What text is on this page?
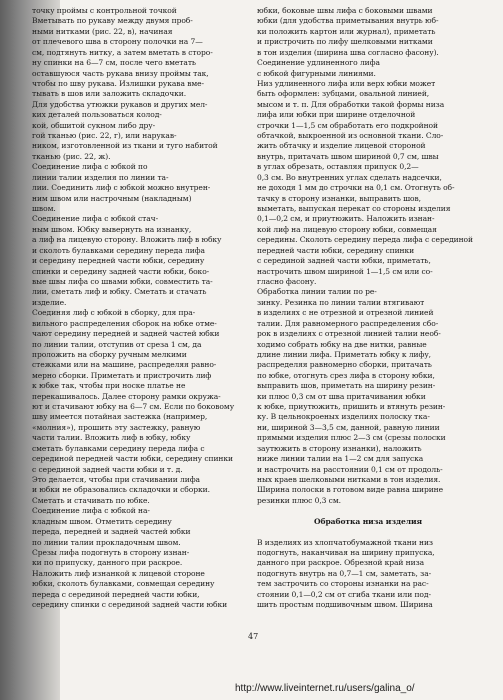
точку проймы с контрольной точкой
Вметывать по рукаву между двумя проб-
ными нитками (рис. 22, в), начиная
от плечевого шва в сторону полочки на 7—
см, подтянуть нитку, а затем вметать в сторо-
ну спинки на 6—7 см, после чего вметать
оставшуюся часть рукава внизу проймы так,
чтобы по шву рукава. Излишки рукава вме-
тывать в шов или заложить складочки.
Для удобства утюжки рукавов и других мел-
ких деталей пользоваться колод-
кой, обшитой сукном либо дру-
гой тканью (рис. 22, г), или нарукав-
ником, изготовленной из ткани и туго набитой
тканью (рис. 22, ж).
Соединение лифа с юбкой по
линии талии изделия по линии та-
лии. Соединить лиф с юбкой можно внутрен-
ним швом или настрочным (накладным)
швом.
Соединение лифа с юбкой стач-
ным швом. Юбку вывернуть на изнанку,
а лиф на лицевую сторону. Вложить лиф в юбку
и сколоть булавками середину переда лифа
и середину передней части юбки, середину
спинки и середину задней части юбки, боко-
вые швы лифа со швами юбки, совместить та-
лии, сметать лиф и юбку. Сметать и стачать
изделие.
Соединяя лиф с юбкой в сборку, для пра-
вильного распределения сборок на юбке отме-
чают середину передней и задней частей юбки
по линии талии, отступив от среза 1 см, да
проложить на сборку ручным мелкими
стежками или на машине, распределяя равно-
мерно сборки. Приметать и пристрочить лиф
к юбке так, чтобы при носке платье не
перекашивалось. Далее сторону рамки окружа-
ют и стачивают юбку на 6—7 см. Если по боковому
шву имеется потайная застежка (например,
«молния»), прошить эту застежку, равную
части талии. Вложить лиф в юбку, юбку
сметать булавками середину переда лифа с
серединой передней части юбки, середину спинки
с серединой задней части юбки и т. д.
Это делается, чтобы при стачивании лифа
и юбки не образовались складочки и сборки.
Сметать и стачивать по юбке.
Соединение лифа с юбкой на-
кладным швом. Отметить середину
переда, передней и задней частей юбки
по линии талии прокладочным швом.
Срезы лифа подогнуть в сторону изнан-
ки по припуску, данного при раскрое.
Наложить лиф изнанкой к лицевой стороне
юбки, сколоть булавками, совмещая середину
переда с серединой передней части юбки,
середину спинки с серединой задней части юбки
юбки, боковые швы лифа с боковыми швами
юбки (для удобства приметывания внутрь юб-
ки положить картон или журнал), приметать
и пристрочить по лифу шелковыми нитками
в тон изделия (ширина шва согласно фасону).
Соединение удлиненного лифа
с юбкой фигурными линиями.
Низ удлиненного лифа или верх юбки может
быть оформлен: зубцами, овальной линией,
мысом и т. п. Для обработки такой формы низа
лифа или юбки при ширине отделочной
строчки 1—1,5 см обработать его подкройной
обтачкой, выкроенной из основной ткани. Сло-
жить обтачку и изделие лицевой стороной
внутрь, притачать швом шириной 0,7 см, швы
в углах обрезать, оставляя припуск 0,2—
0,3 см. Во внутренних углах сделать надсечки,
не доходя 1 мм до строчки на 0,1 см. Отогнуть об-
тачку в сторону изнанки, выправить шов,
выметать, выпуская перекат со стороны изделия
0,1—0,2 см, и приутюжить. Наложить изнан-
кой лиф на лицевую сторону юбки, совмещая
середины. Сколоть середину переда лифа с серединой
передней части юбки, середину спинки
с серединой задней части юбки, приметать,
настрочить швом шириной 1—1,5 см или со-
гласно фасону.
Обработка линии талии по ре-
зинку. Резинка по линии талии втягивают
в изделиях с не отрезной и отрезной линией
талии. Для равномерного распределения сбо-
рок в изделиях с отрезной линией талии необ-
ходимо собрать юбку на две нитки, равные
длине линии лифа. Приметать юбку к лифу,
распределяя равномерно сборки, притачать
по юбке, отогнуть срез лифа в сторону юбки,
выправить шов, приметать на ширину резин-
ки плюс 0,3 см от шва притачивания юбки
к юбке, приутюжить, пришить и втянуть резин-
ку. В цельнокроеных изделиях полоску тка-
ни, шириной 3—3,5 см, данной, равную линии
прямыми изделия плюс 2—3 см (срезы полоски
заутюжить в сторону изнанки), наложить
ниже линии талии на 1—2 см для запуска
и настрочить на расстоянии 0,1 см от продоль-
ных краев шелковыми нитками в тон изделия.
Ширина полоски в готовом виде равна ширине
резинки плюс 0,3 см.

Обработка низа изделия

В изделиях из хлопчатобумажной ткани низ
подогнуть, наканчивая на ширину припуска,
данного при раскрое. Обрезной край низа
подогнуть внутрь на 0,7—1 см, заметать, за-
тем застрочить со стороны изнанки на рас-
стоянии 0,1—0,2 см от сгиба ткани или под-
шить простым подшивочным швом. Ширина
47
http://www.liveinternet.ru/users/galina_o/
